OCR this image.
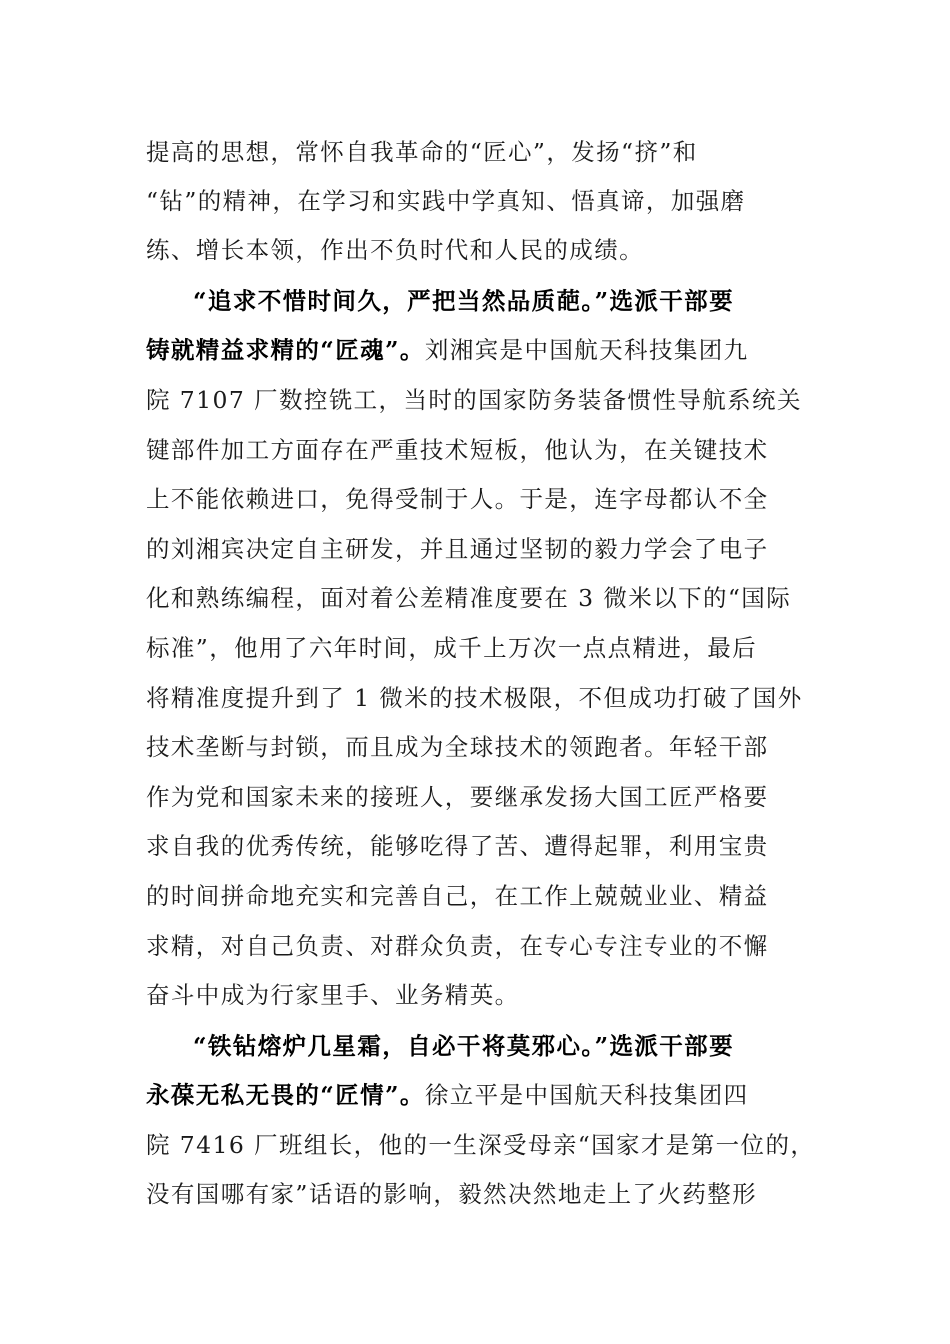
提高的思想，常怀自我革命的“匠心”，发扬“挤”和
“钻”的精神，在学习和实践中学真知、悟真谛，加强磨
练、增长本领，作出不负时代和人民的成绩。
“追求不惜时间久，严把当然品质葩。”选派干部要
铸就精益求精的“匠魂”。刘湘宾是中国航天科技集团九
院 7107 厂数控铣工，当时的国家防务装备惯性导航系统关
键部件加工方面存在严重技术短板，他认为，在关键技术
上不能依赖进口，免得受制于人。于是，连字母都认不全
的刘湘宾决定自主研发，并且通过坚韧的毅力学会了电子
化和熟练编程，面对着公差精准度要在 3 微米以下的“国际
标准”，他用了六年时间，成千上万次一点点精进，最后
将精准度提升到了 1 微米的技术极限，不但成功打破了国外
技术垄断与封锁，而且成为全球技术的领跑者。年轻干部
作为党和国家未来的接班人，要继承发扬大国工匠严格要
求自我的优秀传统，能够吃得了苦、遭得起罪，利用宝贵
的时间拼命地充实和完善自己，在工作上兢兢业业、精益
求精，对自己负责、对群众负责，在专心专注专业的不懈
奋斗中成为行家里手、业务精英。
“铁钻熔炉几星霜，自必干将莫邪心。”选派干部要
永葆无私无畏的“匠情”。徐立平是中国航天科技集团四
院 7416 厂班组长，他的一生深受母亲“国家才是第一位的，
没有国哪有家”话语的影响，毅然决然地走上了火药整形
